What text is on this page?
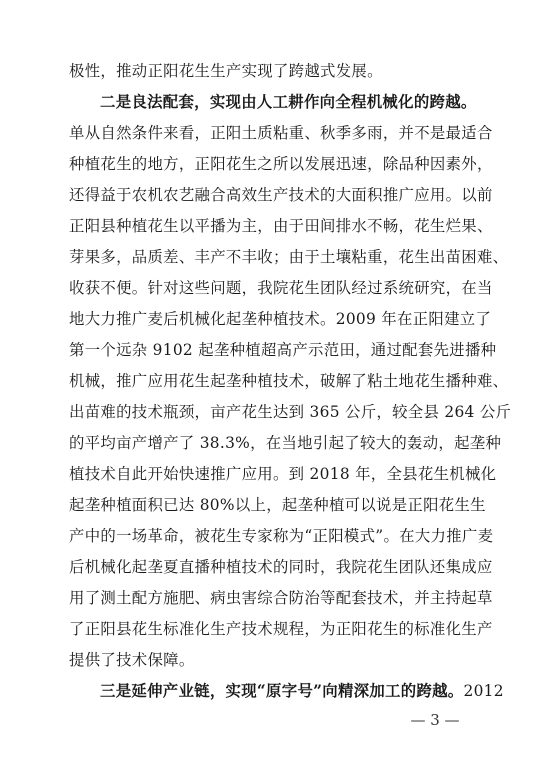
极性，推动正阳花生生产实现了跨越式发展。
二是良法配套，实现由人工耕作向全程机械化的跨越。
单从自然条件来看，正阳土质粘重、秋季多雨，并不是最适合
种植花生的地方，正阳花生之所以发展迅速，除品种因素外，
还得益于农机农艺融合高效生产技术的大面积推广应用。以前
正阳县种植花生以平播为主，由于田间排水不畅，花生烂果、
芽果多，品质差、丰产不丰收；由于土壤粘重，花生出苗困难、
收获不便。针对这些问题，我院花生团队经过系统研究，在当
地大力推广麦后机械化起垄种植技术。2009 年在正阳建立了
第一个远杂 9102 起垄种植超高产示范田，通过配套先进播种
机械，推广应用花生起垄种植技术，破解了粘土地花生播种难、
出苗难的技术瓶颈，亩产花生达到 365 公斤，较全县 264 公斤
的平均亩产增产了 38.3%，在当地引起了较大的轰动，起垄种
植技术自此开始快速推广应用。到 2018 年，全县花生机械化
起垄种植面积已达 80%以上，起垄种植可以说是正阳花生生
产中的一场革命，被花生专家称为“正阳模式”。在大力推广麦
后机械化起垄夏直播种植技术的同时，我院花生团队还集成应
用了测土配方施肥、病虫害综合防治等配套技术，并主持起草
了正阳县花生标准化生产技术规程，为正阳花生的标准化生产
提供了技术保障。
三是延伸产业链，实现“原字号”向精深加工的跨越。2012
— 3 —
